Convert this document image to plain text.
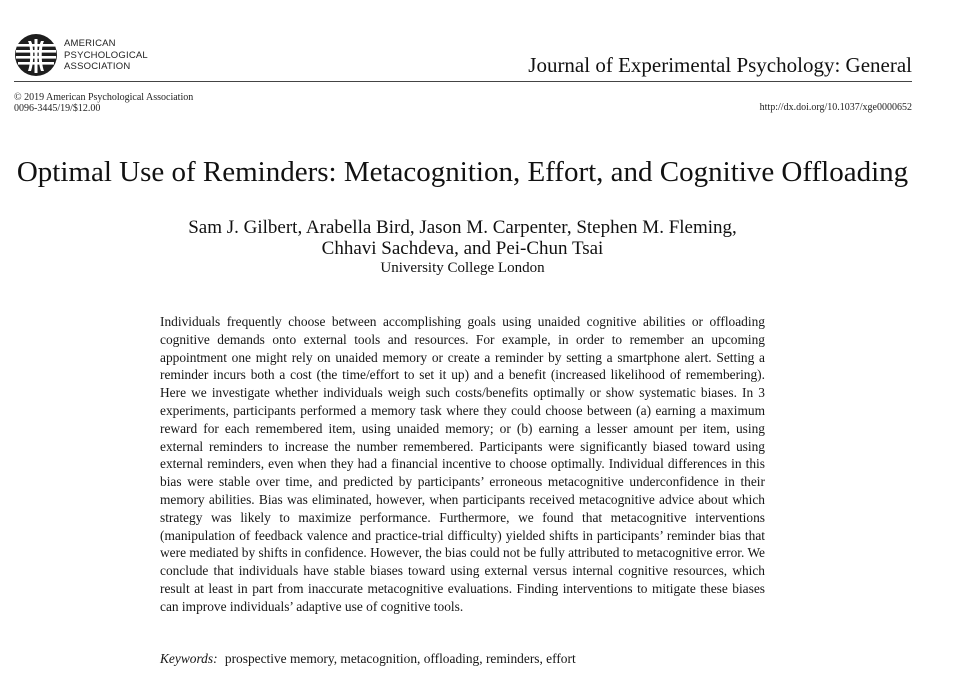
AMERICAN
PSYCHOLOGICAL
ASSOCIATION	Journal of Experimental Psychology: General
© 2019 American Psychological Association
0096-3445/19/$12.00	http://dx.doi.org/10.1037/xge0000652
Optimal Use of Reminders: Metacognition, Effort, and Cognitive Offloading
Sam J. Gilbert, Arabella Bird, Jason M. Carpenter, Stephen M. Fleming,
Chhavi Sachdeva, and Pei-Chun Tsai
University College London
Individuals frequently choose between accomplishing goals using unaided cognitive abilities or offloading cognitive demands onto external tools and resources. For example, in order to remember an upcoming appointment one might rely on unaided memory or create a reminder by setting a smartphone alert. Setting a reminder incurs both a cost (the time/effort to set it up) and a benefit (increased likelihood of remembering). Here we investigate whether individuals weigh such costs/benefits optimally or show systematic biases. In 3 experiments, participants performed a memory task where they could choose between (a) earning a maximum reward for each remembered item, using unaided memory; or (b) earning a lesser amount per item, using external reminders to increase the number remembered. Participants were significantly biased toward using external reminders, even when they had a financial incentive to choose optimally. Individual differences in this bias were stable over time, and predicted by participants’ erroneous metacognitive underconfidence in their memory abilities. Bias was eliminated, however, when participants received metacognitive advice about which strategy was likely to maximize performance. Furthermore, we found that metacognitive interventions (manipulation of feedback valence and practice-trial difficulty) yielded shifts in participants’ reminder bias that were mediated by shifts in confidence. However, the bias could not be fully attributed to metacognitive error. We conclude that individuals have stable biases toward using external versus internal cognitive resources, which result at least in part from inaccurate metacognitive evaluations. Finding interventions to mitigate these biases can improve individuals’ adaptive use of cognitive tools.
Keywords: prospective memory, metacognition, offloading, reminders, effort
